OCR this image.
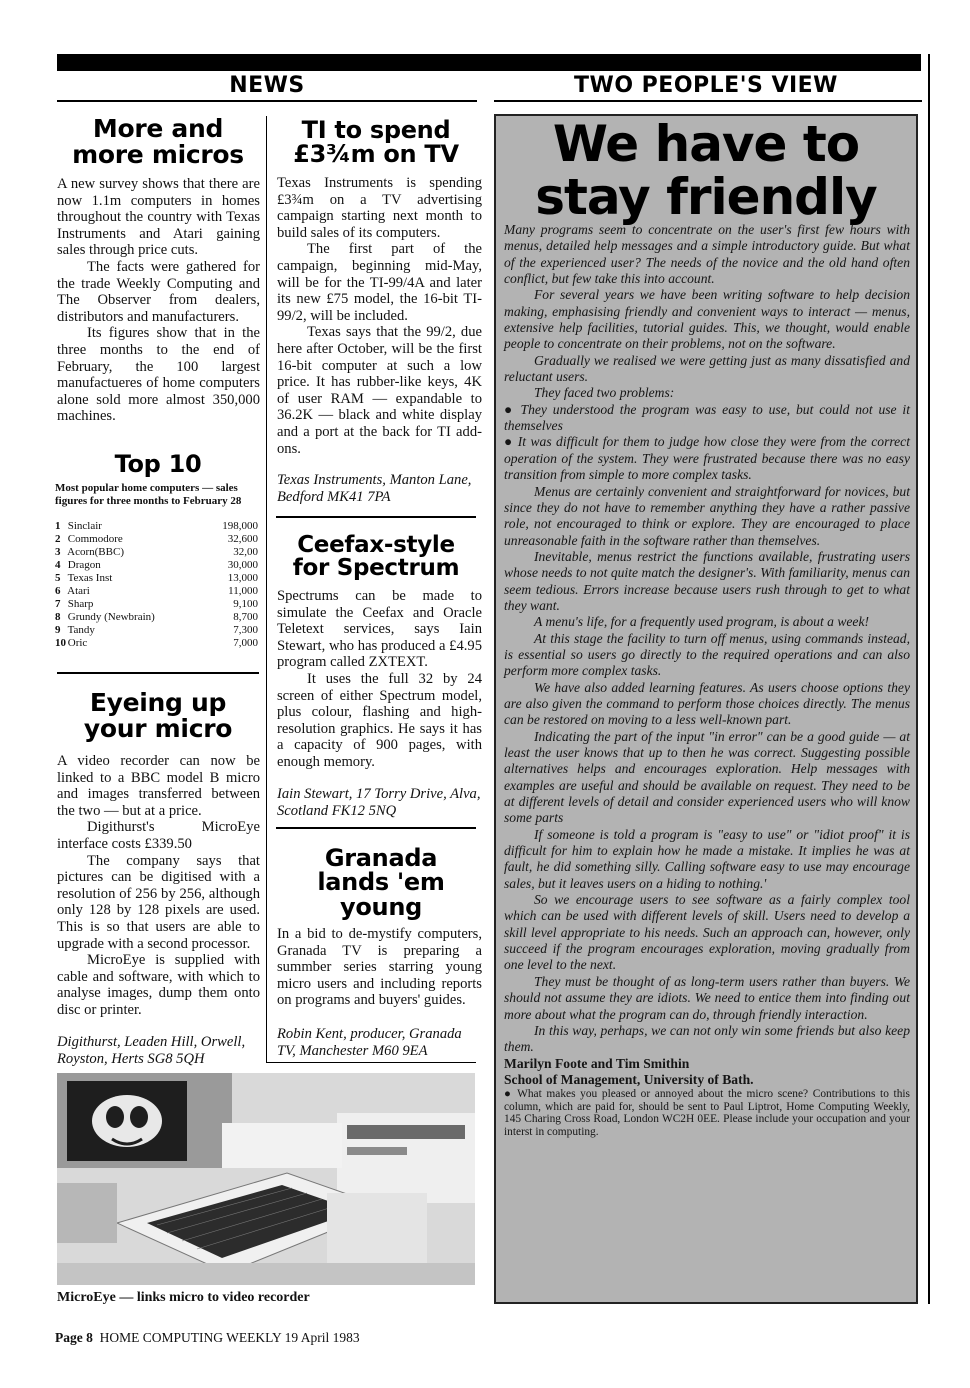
NEWS	TWO PEOPLE'S VIEW
More and
more micros

A new survey shows that there are now 1.1m computers in homes throughout the country with Texas Instruments and Atari gaining sales through price cuts.

The facts were gathered for the trade Weekly Computing and The Observer from dealers, distributors and manufacturers.

Its figures show that in the three months to the end of February, the 100 largest manufactueres of home computers alone sold more almost 350,000 machines.

Top 10
Most popular home computers — sales figures for three months to February 28
1 Sinclair	198,000
2 Commodore	32,600
3 Acorn(BBC)	32,00
4 Dragon	30,000
5 Texas Inst	13,000
6 Atari	11,000
7 Sharp	9,100
8 Grundy (Newbrain)	8,700
9 Tandy	7,300
10 Oric	7,000
Eyeing up
your micro

A video recorder can now be linked to a BBC model B micro and images transferred between the two — but at a price.

Digithurst's MicroEye interface costs £339.50

The company says that pictures can be digitised with a resolution of 256 by 256, although only 128 by 128 pixels are used. This is so that users are able to upgrade with a second processor.

MicroEye is supplied with cable and software, with which to analyse images, dump them onto disc or printer.

Digithurst, Leaden Hill, Orwell, Royston, Herts SG8 5QH
TI to spend
£3¾m on TV

Texas Instruments is spending £3¾m on a TV advertising campaign starting next month to build sales of its computers.

The first part of the campaign, beginning mid-May, will be for the TI-99/4A and later its new £75 model, the 16-bit TI-99/2, will be included.

Texas says that the 99/2, due here after October, will be the first 16-bit computer at such a low price. It has rubber-like keys, 4K of user RAM — expandable to 36.2K — black and white display and a port at the back for TI add-ons.

Texas Instruments, Manton Lane, Bedford MK41 7PA
Ceefax-style
for Spectrum

Spectrums can be made to simulate the Ceefax and Oracle Teletext services, says Iain Stewart, who has produced a £4.95 program called ZXTEXT.

It uses the full 32 by 24 screen of either Spectrum model, plus colour, flashing and high-resolution graphics. He says it has a capacity of 900 pages, with enough memory.

Iain Stewart, 17 Torry Drive, Alva, Scotland FK12 5NQ
Granada
lands 'em
young

In a bid to de-mystify computers, Granada TV is preparing a summber series starring young micro users and including reports on programs and buyers' guides.

Robin Kent, producer, Granada TV, Manchester M60 9EA
MicroEye — links micro to video recorder
We have to
stay friendly

Many programs seem to concentrate on the user's first few hours with menus, detailed help messages and a simple introductory guide. But what of the experienced user? The needs of the novice and the old hand often conflict, but few take this into account.

For several years we have been writing software to help decision making, emphasising friendly and convenient ways to interact — menus, extensive help facilities, tutorial guides. This, we thought, would enable people to concentrate on their problems, not on the software.

Gradually we realised we were getting just as many dissatisfied and reluctant users.

They faced two problems:

● They understood the program was easy to use, but could not use it themselves

● It was difficult for them to judge how close they were from the correct operation of the system. They were frustrated because there was no easy transition from simple to more complex tasks.

Menus are certainly convenient and straightforward for novices, but since they do not have to remember anything they have a rather passive role, not encouraged to think or explore. They are encouraged to place unreasonable faith in the software rather than themselves.

Inevitable, menus restrict the functions available, frustrating users whose needs to not quite match the designer's. With familiarity, menus can seem tedious. Errors increase because users rush through to get to what they want.

A menu's life, for a frequently used program, is about a week!

At this stage the facility to turn off menus, using commands instead, is essential so users go directly to the required operations and can also perform more complex tasks.

We have also added learning features. As users choose options they are also given the command to perform those choices directly. The menus can be restored on moving to a less well-known part.

Indicating the part of the input "in error" can be a good guide — at least the user knows that up to then he was correct. Suggesting possible alternatives helps and encourages exploration. Help messages with examples are useful and should be available on request. They need to be at different levels of detail and consider experienced users who will know some parts

If someone is told a program is "easy to use" or "idiot proof" it is difficult for him to explain how he made a mistake. It implies he was at fault, he did something silly. Calling software easy to use may encourage sales, but it leaves users on a hiding to nothing.'

So we encourage users to see software as a fairly complex tool which can be used with different levels of skill. Users need to develop a skill level appropriate to his needs. Such an approach can, however, only succeed if the program encourages exploration, moving gradually from one level to the next.

They must be thought of as long-term users rather than buyers. We should not assume they are idiots. We need to entice them into finding out more about what the program can do, through friendly interaction.

In this way, perhaps, we can not only win some friends but also keep them.

Marilyn Foote and Tim Smithin

School of Management, University of Bath.

● What makes you pleased or annoyed about the micro scene? Contributions to this column, which are paid for, should be sent to Paul Liptrot, Home Computing Weekly, 145 Charing Cross Road, London WC2H 0EE. Please include your occupation and your interst in computing.

Page 8 HOME COMPUTING WEEKLY 19 April 1983
